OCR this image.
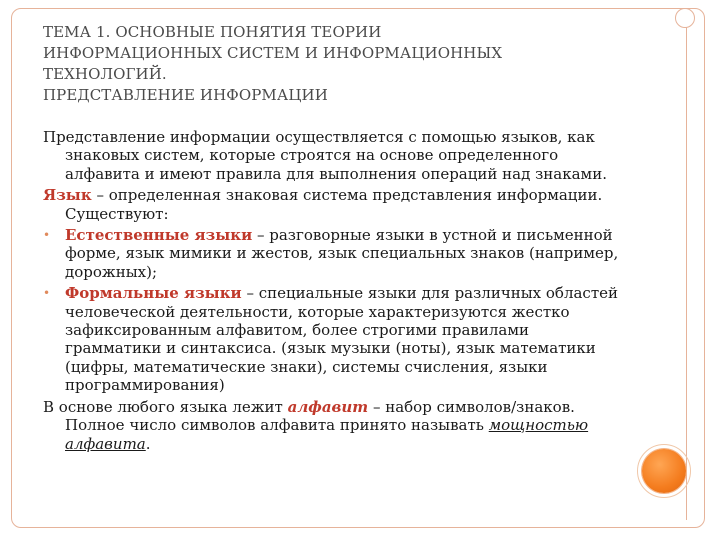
ТЕМА 1. ОСНОВНЫЕ ПОНЯТИЯ ТЕОРИИ
ИНФОРМАЦИОННЫХ СИСТЕМ И ИНФОРМАЦИОННЫХ
ТЕХНОЛОГИЙ.
ПРЕДСТАВЛЕНИЕ ИНФОРМАЦИИ

Представление информации осуществляется с помощью языков, как знаковых систем, которые строятся на основе определенного алфавита и имеют правила для выполнения операций над знаками.

Язык – определенная знаковая система представления информации. Существуют:

• Естественные языки – разговорные языки в устной и письменной форме, язык мимики и жестов, язык специальных знаков (например, дорожных);
• Формальные языки – специальные языки для различных областей человеческой деятельности, которые характеризуются жестко зафиксированным алфавитом, более строгими правилами грамматики и синтаксиса. (язык музыки (ноты), язык математики (цифры, математические знаки), системы счисления, языки программирования)

В основе любого языка лежит алфавит – набор символов/знаков. Полное число символов алфавита принято называть мощностью алфавита.
